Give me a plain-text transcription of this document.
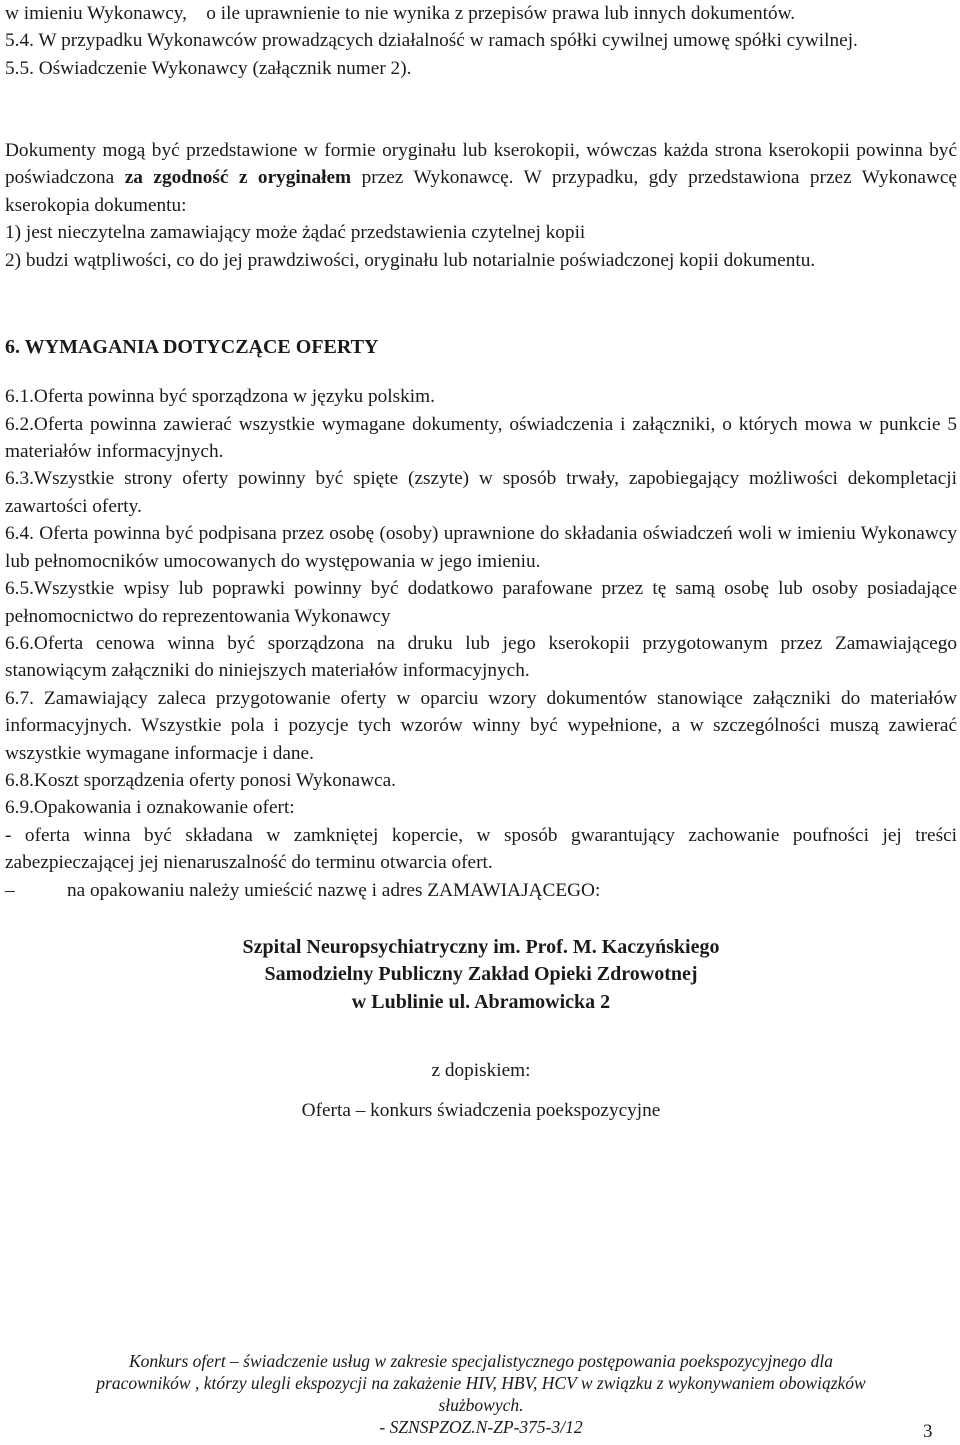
w imieniu Wykonawcy, o ile uprawnienie to nie wynika z przepisów prawa lub innych dokumentów.

5.4. W przypadku Wykonawców prowadzących działalność w ramach spółki cywilnej umowę spółki cywilnej.

5.5. Oświadczenie Wykonawcy (załącznik numer 2).

Dokumenty mogą być przedstawione w formie oryginału lub kserokopii, wówczas każda strona kserokopii powinna być poświadczona za zgodność z oryginałem przez Wykonawcę. W przypadku, gdy przedstawiona przez Wykonawcę kserokopia dokumentu:

1) jest nieczytelna zamawiający może żądać przedstawienia czytelnej kopii

2) budzi wątpliwości, co do jej prawdziwości, oryginału lub notarialnie poświadczonej kopii dokumentu.

6. WYMAGANIA DOTYCZĄCE OFERTY

6.1.Oferta powinna być sporządzona w języku polskim.

6.2.Oferta powinna zawierać wszystkie wymagane dokumenty, oświadczenia i załączniki, o których mowa w punkcie 5 materiałów informacyjnych.

6.3.Wszystkie strony oferty powinny być spięte (zszyte) w sposób trwały, zapobiegający możliwości dekompletacji zawartości oferty.

6.4. Oferta powinna być podpisana przez osobę (osoby) uprawnione do składania oświadczeń woli w imieniu Wykonawcy lub pełnomocników umocowanych do występowania w jego imieniu.

6.5.Wszystkie wpisy lub poprawki powinny być dodatkowo parafowane przez tę samą osobę lub osoby posiadające pełnomocnictwo do reprezentowania Wykonawcy

6.6.Oferta cenowa winna być sporządzona na druku lub jego kserokopii przygotowanym przez Zamawiającego stanowiącym załączniki do niniejszych materiałów informacyjnych.

6.7. Zamawiający zaleca przygotowanie oferty w oparciu wzory dokumentów stanowiące załączniki do materiałów informacyjnych. Wszystkie pola i pozycje tych wzorów winny być wypełnione, a w szczególności muszą zawierać wszystkie wymagane informacje i dane.

6.8.Koszt sporządzenia oferty ponosi Wykonawca.

6.9.Opakowania i oznakowanie ofert:

- oferta winna być składana w zamkniętej kopercie, w sposób gwarantujący zachowanie poufności jej treści zabezpieczającej jej nienaruszalność do terminu otwarcia ofert.

–	na opakowaniu należy umieścić nazwę i adres ZAMAWIAJĄCEGO:

Szpital Neuropsychiatryczny im. Prof. M. Kaczyńskiego

Samodzielny Publiczny Zakład Opieki Zdrowotnej

w Lublinie ul. Abramowicka 2

z dopiskiem:

Oferta – konkurs świadczenia poekspozycyjne

Konkurs ofert – świadczenie usług w zakresie specjalistycznego postępowania poekspozycyjnego dla
pracowników , którzy ulegli ekspozycji na zakażenie HIV, HBV, HCV w związku z wykonywaniem obowiązków
służbowych.
- SZNSPZOZ.N-ZP-375-3/12	3
